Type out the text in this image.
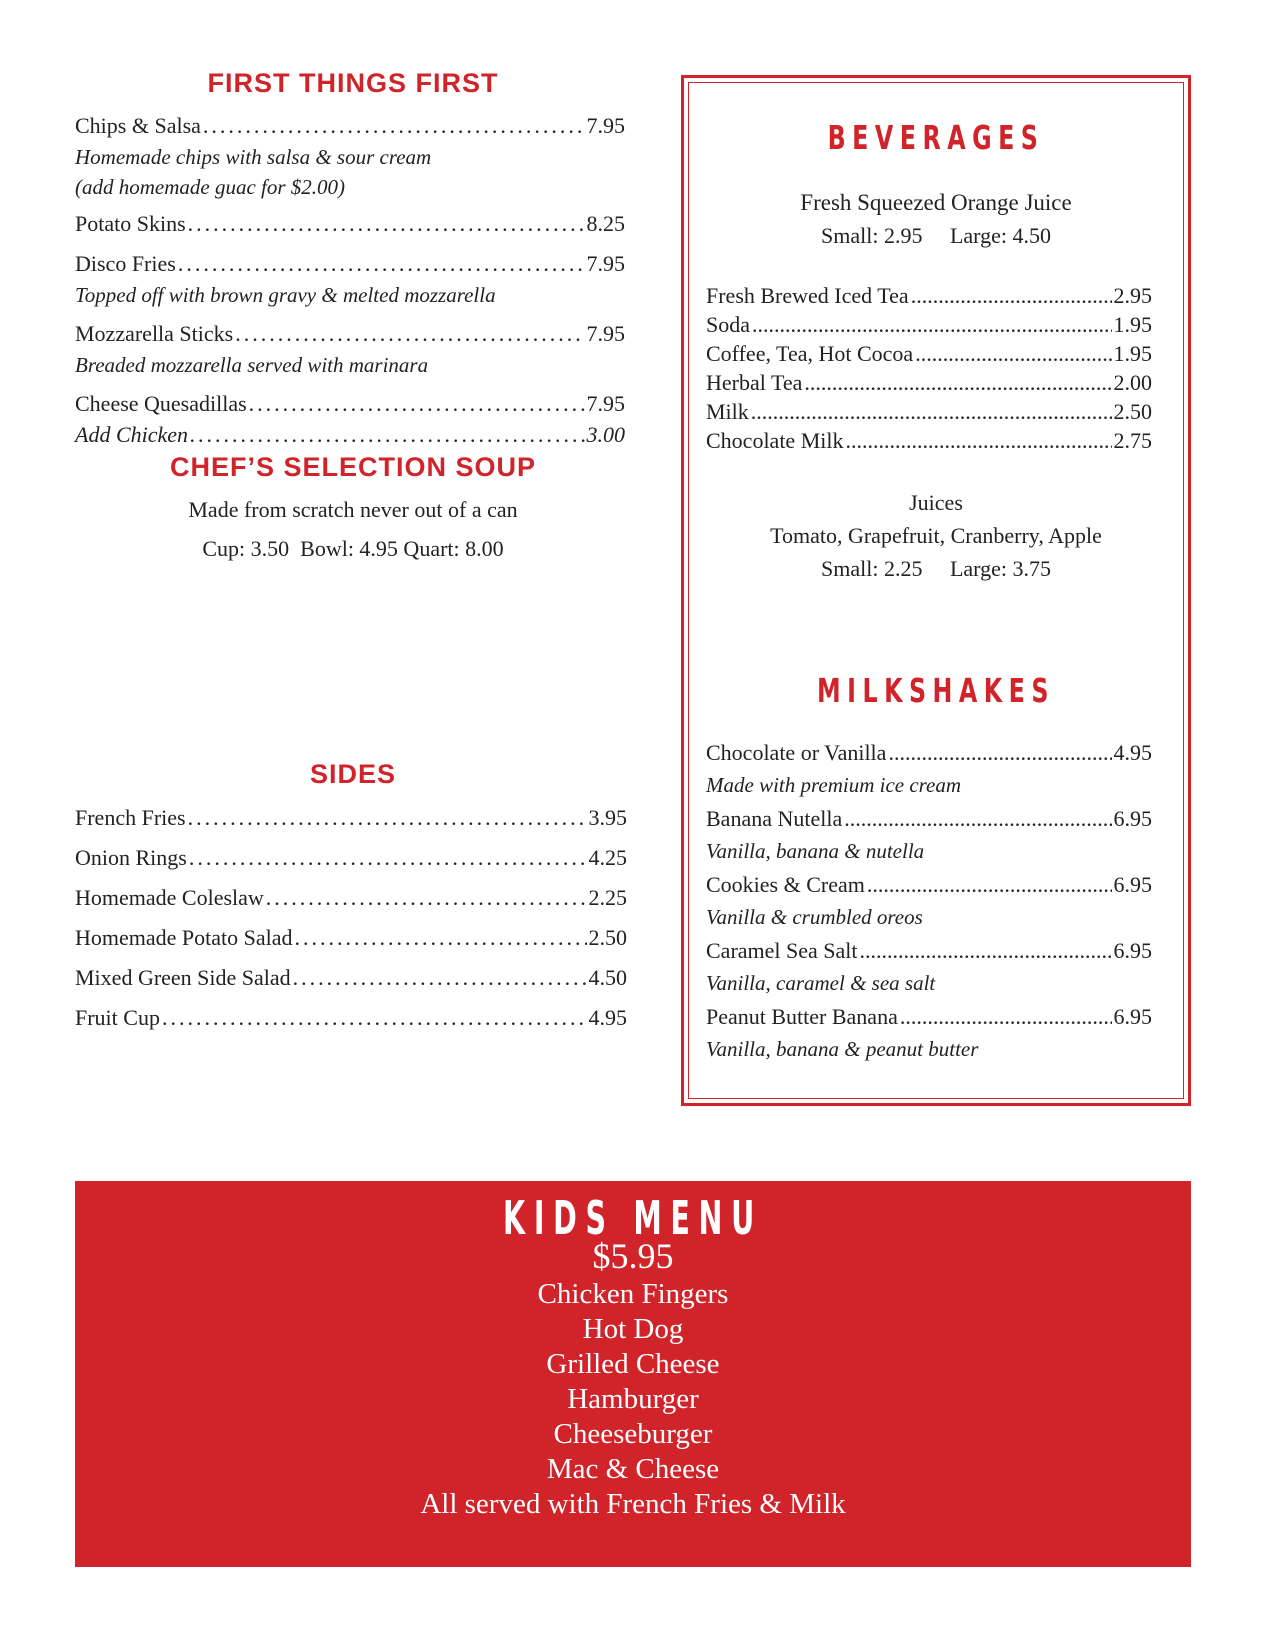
FIRST THINGS FIRST
Chips & Salsa .....	7.95
Homemade chips with salsa & sour cream
(add homemade guac for $2.00)
Potato Skins .....	8.25
Disco Fries .....	7.95
Topped off with brown gravy & melted mozzarella
Mozzarella Sticks .....	7.95
Breaded mozzarella served with marinara
Cheese Quesadillas .....	7.95
Add Chicken .....	3.00
CHEF’S SELECTION SOUP
Made from scratch never out of a can
Cup: 3.50  Bowl: 4.95 Quart: 8.00
SIDES
French Fries .....	3.95
Onion Rings .....	4.25
Homemade Coleslaw .....	2.25
Homemade Potato Salad .....	2.50
Mixed Green Side Salad .....	4.50
Fruit Cup .....	4.95
BEVERAGES
Fresh Squeezed Orange Juice
Small: 2.95     Large: 4.50
Fresh Brewed Iced Tea .....	2.95
Soda .....	1.95
Coffee, Tea, Hot Cocoa .....	1.95
Herbal Tea .....	2.00
Milk .....	2.50
Chocolate Milk .....	2.75
Juices
Tomato, Grapefruit, Cranberry, Apple
Small: 2.25     Large: 3.75
MILKSHAKES
Chocolate or Vanilla .....	4.95
Made with premium ice cream
Banana Nutella .....	6.95
Vanilla, banana & nutella
Cookies & Cream .....	6.95
Vanilla & crumbled oreos
Caramel Sea Salt .....	6.95
Vanilla, caramel & sea salt
Peanut Butter Banana .....	6.95
Vanilla, banana & peanut butter
KIDS MENU
$5.95
Chicken Fingers
Hot Dog
Grilled Cheese
Hamburger
Cheeseburger
Mac & Cheese
All served with French Fries & Milk
